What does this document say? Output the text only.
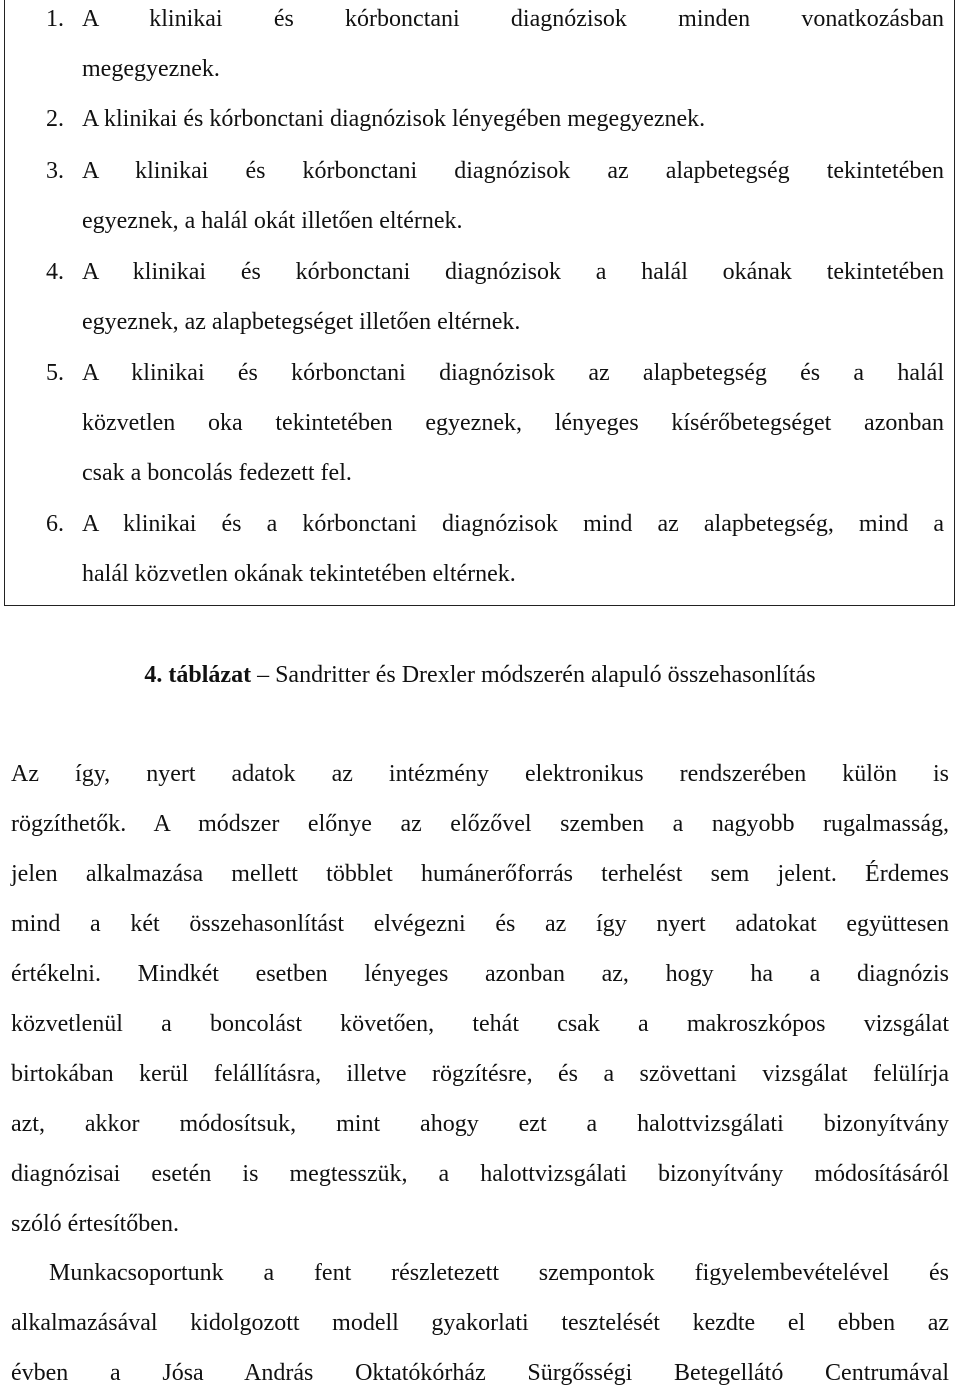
1. A klinikai és kórbonctani diagnózisok minden vonatkozásban
megegyeznek.
2. A klinikai és kórbonctani diagnózisok lényegében megegyeznek.
3. A klinikai és kórbonctani diagnózisok az alapbetegség tekintetében
egyeznek, a halál okát illetően eltérnek.
4. A klinikai és kórbonctani diagnózisok a halál okának tekintetében
egyeznek, az alapbetegséget illetően eltérnek.
5. A klinikai és kórbonctani diagnózisok az alapbetegség és a halál
közvetlen oka tekintetében egyeznek, lényeges kísérőbetegséget azonban
csak a boncolás fedezett fel.
6. A klinikai és a kórbonctani diagnózisok mind az alapbetegség, mind a
halál közvetlen okának tekintetében eltérnek.
4. táblázat – Sandritter és Drexler módszerén alapuló összehasonlítás
Az így, nyert adatok az intézmény elektronikus rendszerében külön is
rögzíthetők. A módszer előnye az előzővel szemben a nagyobb rugalmasság,
jelen alkalmazása mellett többlet humánerőforrás terhelést sem jelent. Érdemes
mind a két összehasonlítást elvégezni és az így nyert adatokat együttesen
értékelni. Mindkét esetben lényeges azonban az, hogy ha a diagnózis
közvetlenül a boncolást követően, tehát csak a makroszkópos vizsgálat
birtokában kerül felállításra, illetve rögzítésre, és a szövettani vizsgálat felülírja
azt, akkor módosítsuk, mint ahogy ezt a halottvizsgálati bizonyítvány
diagnózisai esetén is megtesszük, a halottvizsgálati bizonyítvány módosításáról
szóló értesítőben.
Munkacsoportunk a fent részletezett szempontok figyelembevételével és
alkalmazásával kidolgozott modell gyakorlati tesztelését kezdte el ebben az
évben a Jósa András Oktatókórház Sürgősségi Betegellátó Centrumával
